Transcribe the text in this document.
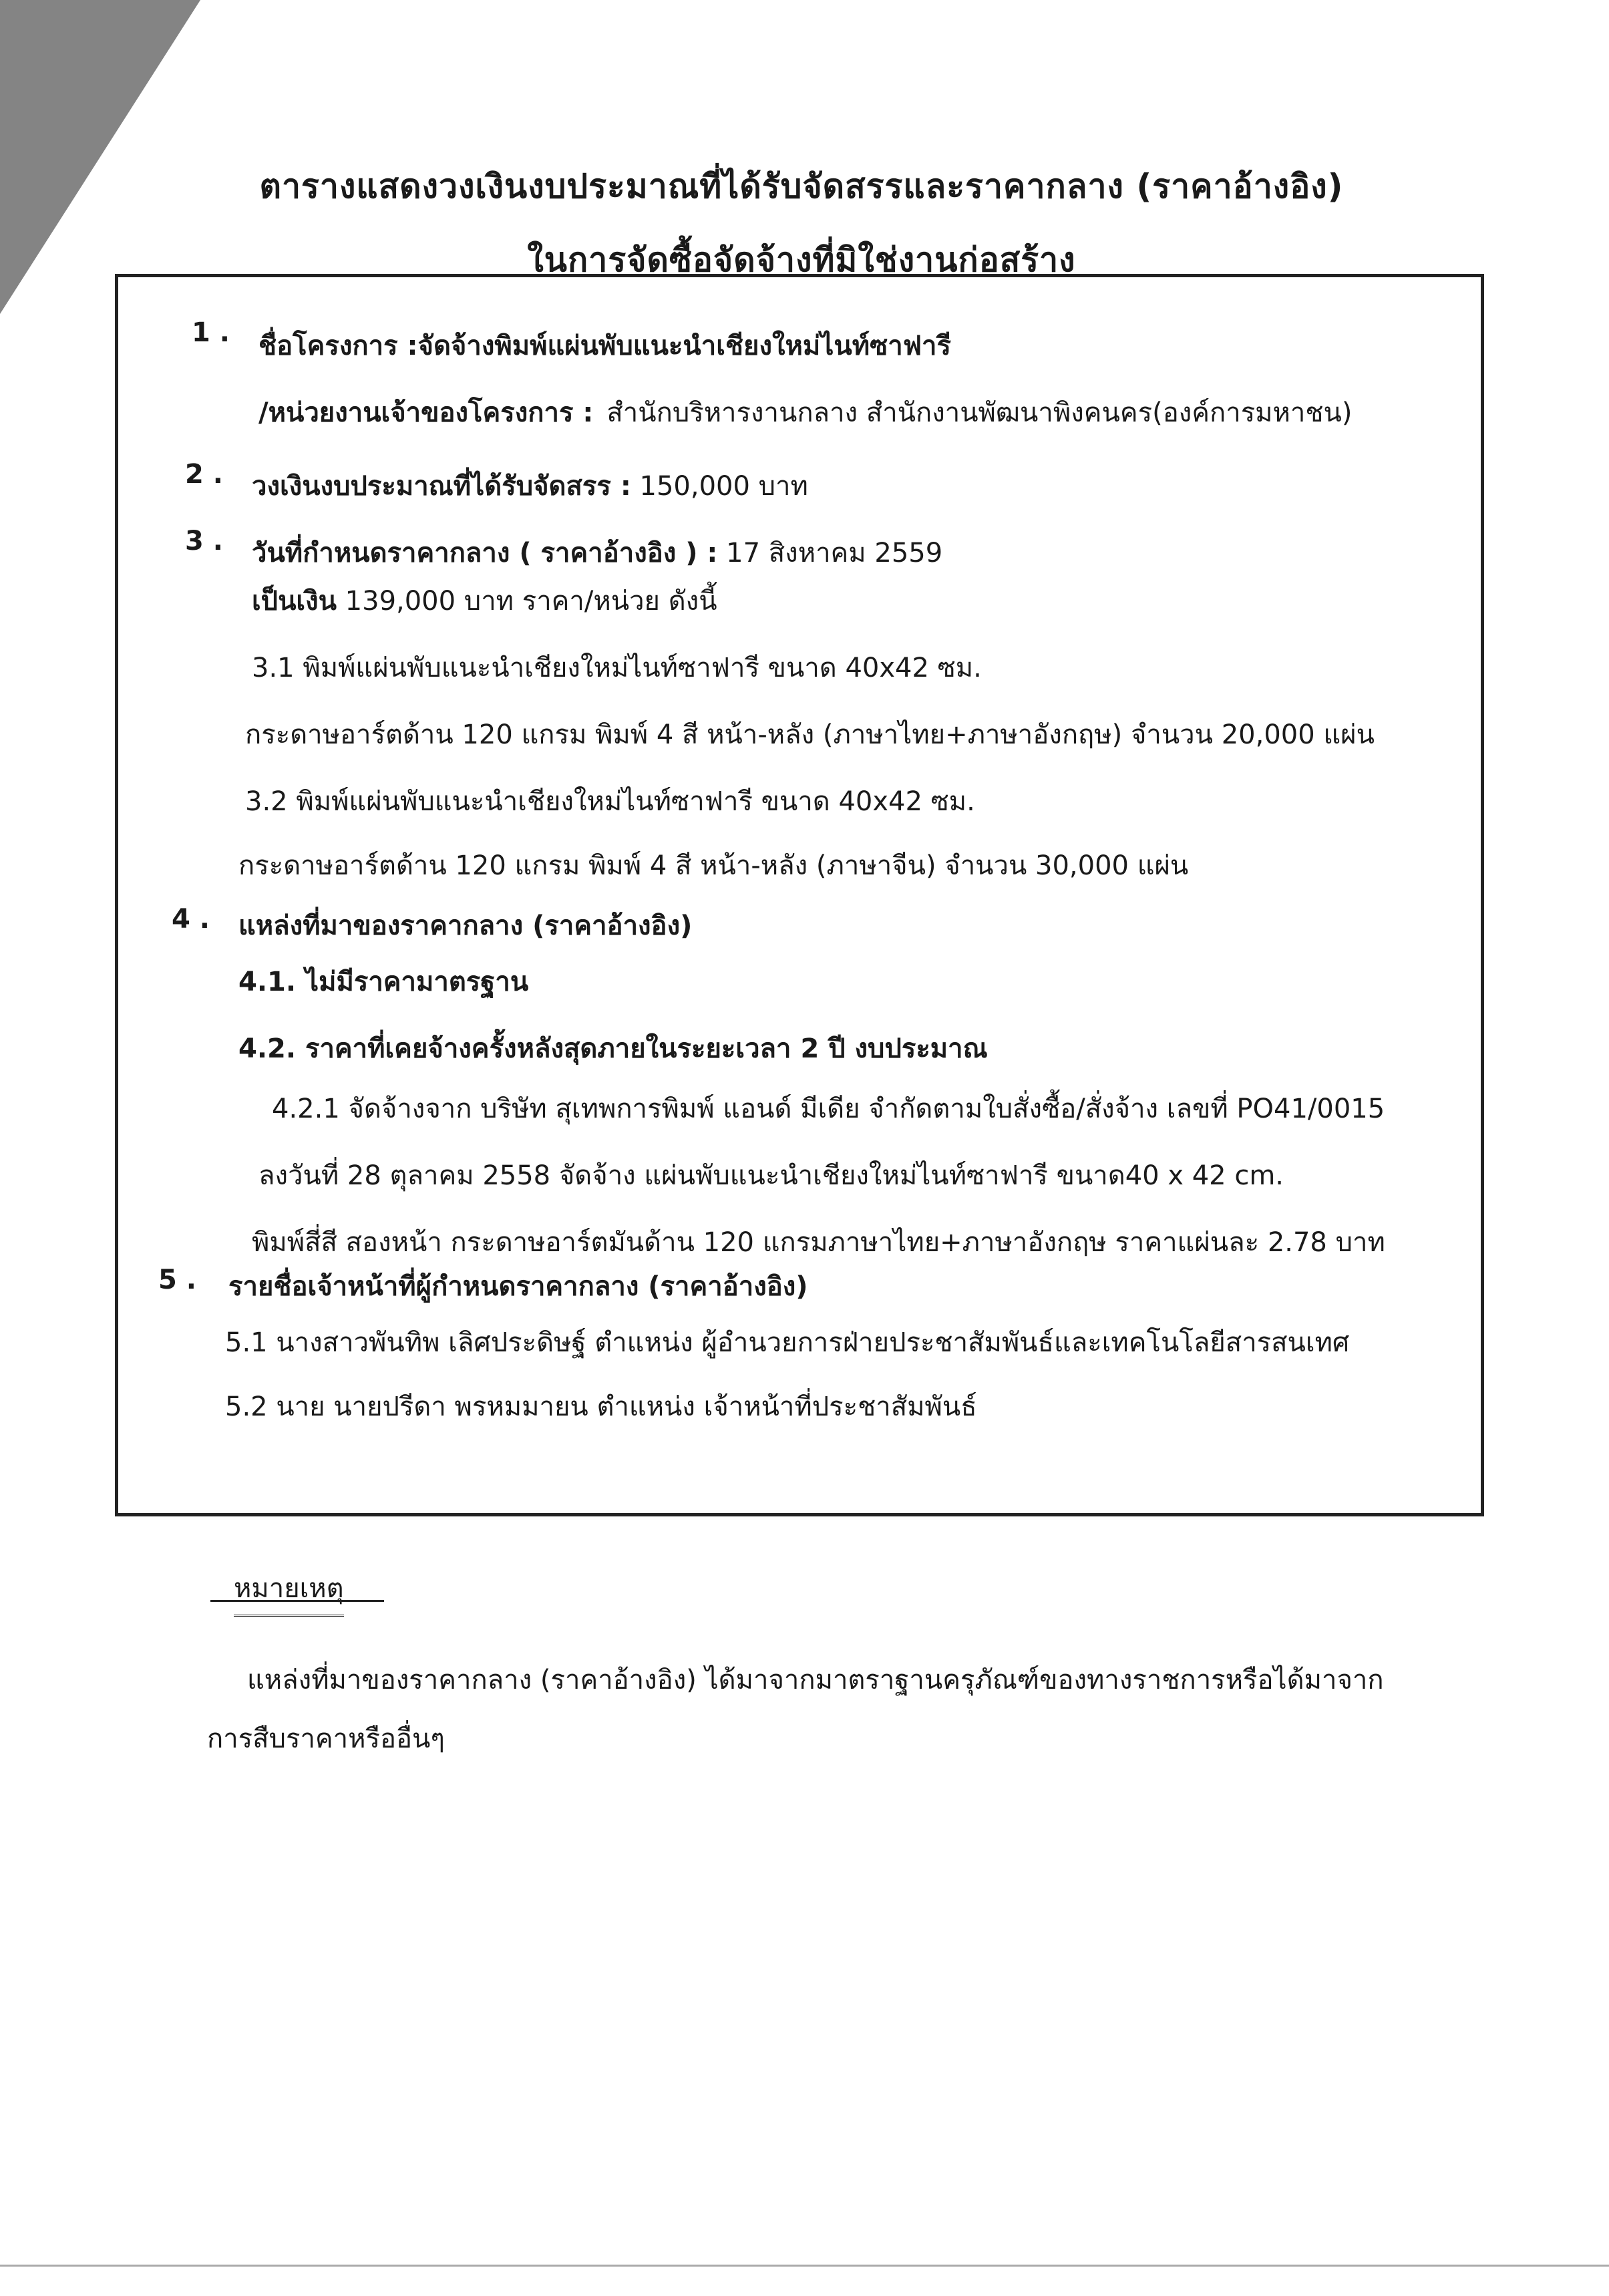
ตารางแสดงวงเงินงบประมาณที่ได้รับจัดสรรและราคากลาง (ราคาอ้างอิง)
ในการจัดซื้อจัดจ้างที่มิใช่งานก่อสร้าง
1 . ชื่อโครงการ :จัดจ้างพิมพ์แผ่นพับแนะนำเชียงใหม่ไนท์ซาฟารี
/หน่วยงานเจ้าของโครงการ : สำนักบริหารงานกลาง สำนักงานพัฒนาพิงคนคร(องค์การมหาชน)
2 . วงเงินงบประมาณที่ได้รับจัดสรร : 150,000 บาท
3 . วันที่กำหนดราคากลาง ( ราคาอ้างอิง ) : 17 สิงหาคม 2559
เป็นเงิน 139,000 บาท ราคา/หน่วย ดังนี้
3.1 พิมพ์แผ่นพับแนะนำเชียงใหม่ไนท์ซาฟารี ขนาด 40x42 ซม.
กระดาษอาร์ตด้าน 120 แกรม พิมพ์ 4 สี หน้า-หลัง (ภาษาไทย+ภาษาอังกฤษ) จำนวน 20,000 แผ่น
3.2 พิมพ์แผ่นพับแนะนำเชียงใหม่ไนท์ซาฟารี ขนาด 40x42 ซม.
กระดาษอาร์ตด้าน 120 แกรม พิมพ์ 4 สี หน้า-หลัง (ภาษาจีน) จำนวน 30,000 แผ่น
4 . แหล่งที่มาของราคากลาง (ราคาอ้างอิง)
4.1. ไม่มีราคามาตรฐาน
4.2. ราคาที่เคยจ้างครั้งหลังสุดภายในระยะเวลา 2 ปี งบประมาณ
4.2.1 จัดจ้างจาก บริษัท สุเทพการพิมพ์ แอนด์ มีเดีย จำกัดตามใบสั่งซื้อ/สั่งจ้าง เลขที่ PO41/0015
ลงวันที่ 28 ตุลาคม 2558 จัดจ้าง แผ่นพับแนะนำเชียงใหม่ไนท์ซาฟารี ขนาด40 x 42 cm.
พิมพ์สี่สี สองหน้า กระดาษอาร์ตมันด้าน 120 แกรมภาษาไทย+ภาษาอังกฤษ ราคาแผ่นละ 2.78 บาท
5 . รายชื่อเจ้าหน้าที่ผู้กำหนดราคากลาง (ราคาอ้างอิง)
5.1 นางสาวพันทิพ เลิศประดิษฐ์ ตำแหน่ง ผู้อำนวยการฝ่ายประชาสัมพันธ์และเทคโนโลยีสารสนเทศ
5.2 นาย นายปรีดา พรหมมายน ตำแหน่ง เจ้าหน้าที่ประชาสัมพันธ์
หมายเหตุ
แหล่งที่มาของราคากลาง (ราคาอ้างอิง) ได้มาจากมาตราฐานครุภัณฑ์ของทางราชการหรือได้มาจาก
การสืบราคาหรืออื่นๆ
